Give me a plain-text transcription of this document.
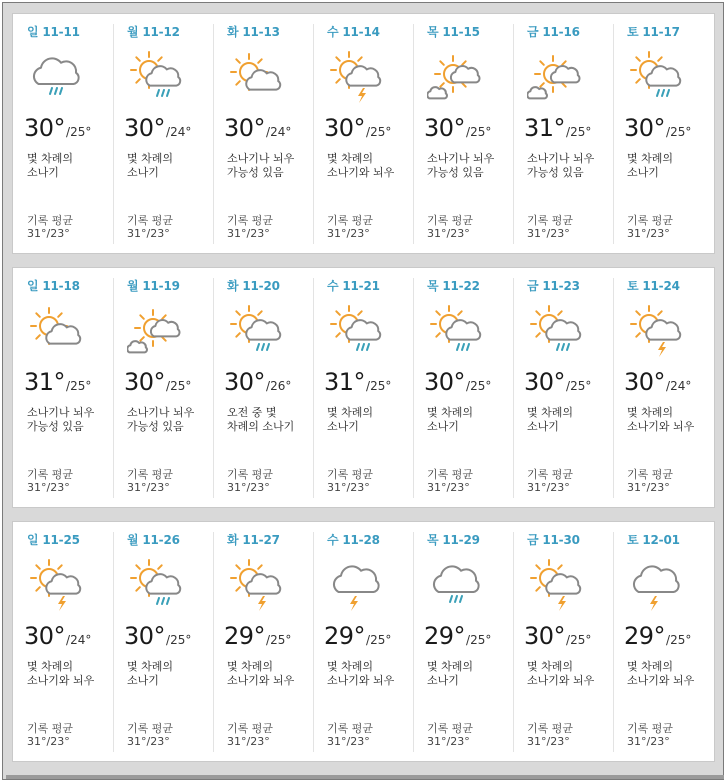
일 11-11
30°/25°
몇 차례의 소나기
기록 평균
31°/23°
월 11-12
30°/24°
몇 차례의 소나기
기록 평균
31°/23°
화 11-13
30°/24°
소나기나 뇌우 가능성 있음
기록 평균
31°/23°
수 11-14
30°/25°
몇 차례의 소나기와 뇌우
기록 평균
31°/23°
목 11-15
30°/25°
소나기나 뇌우 가능성 있음
기록 평균
31°/23°
금 11-16
31°/25°
소나기나 뇌우 가능성 있음
기록 평균
31°/23°
토 11-17
30°/25°
몇 차례의 소나기
기록 평균
31°/23°
일 11-18
31°/25°
소나기나 뇌우 가능성 있음
기록 평균
31°/23°
월 11-19
30°/25°
소나기나 뇌우 가능성 있음
기록 평균
31°/23°
화 11-20
30°/26°
오전 중 몇 차례의 소나기
기록 평균
31°/23°
수 11-21
31°/25°
몇 차례의 소나기
기록 평균
31°/23°
목 11-22
30°/25°
몇 차례의 소나기
기록 평균
31°/23°
금 11-23
30°/25°
몇 차례의 소나기
기록 평균
31°/23°
토 11-24
30°/24°
몇 차례의 소나기와 뇌우
기록 평균
31°/23°
일 11-25
30°/24°
몇 차례의 소나기와 뇌우
기록 평균
31°/23°
월 11-26
30°/25°
몇 차례의 소나기
기록 평균
31°/23°
화 11-27
29°/25°
몇 차례의 소나기와 뇌우
기록 평균
31°/23°
수 11-28
29°/25°
몇 차례의 소나기와 뇌우
기록 평균
31°/23°
목 11-29
29°/25°
몇 차례의 소나기
기록 평균
31°/23°
금 11-30
30°/25°
몇 차례의 소나기와 뇌우
기록 평균
31°/23°
토 12-01
29°/25°
몇 차례의 소나기와 뇌우
기록 평균
31°/23°
